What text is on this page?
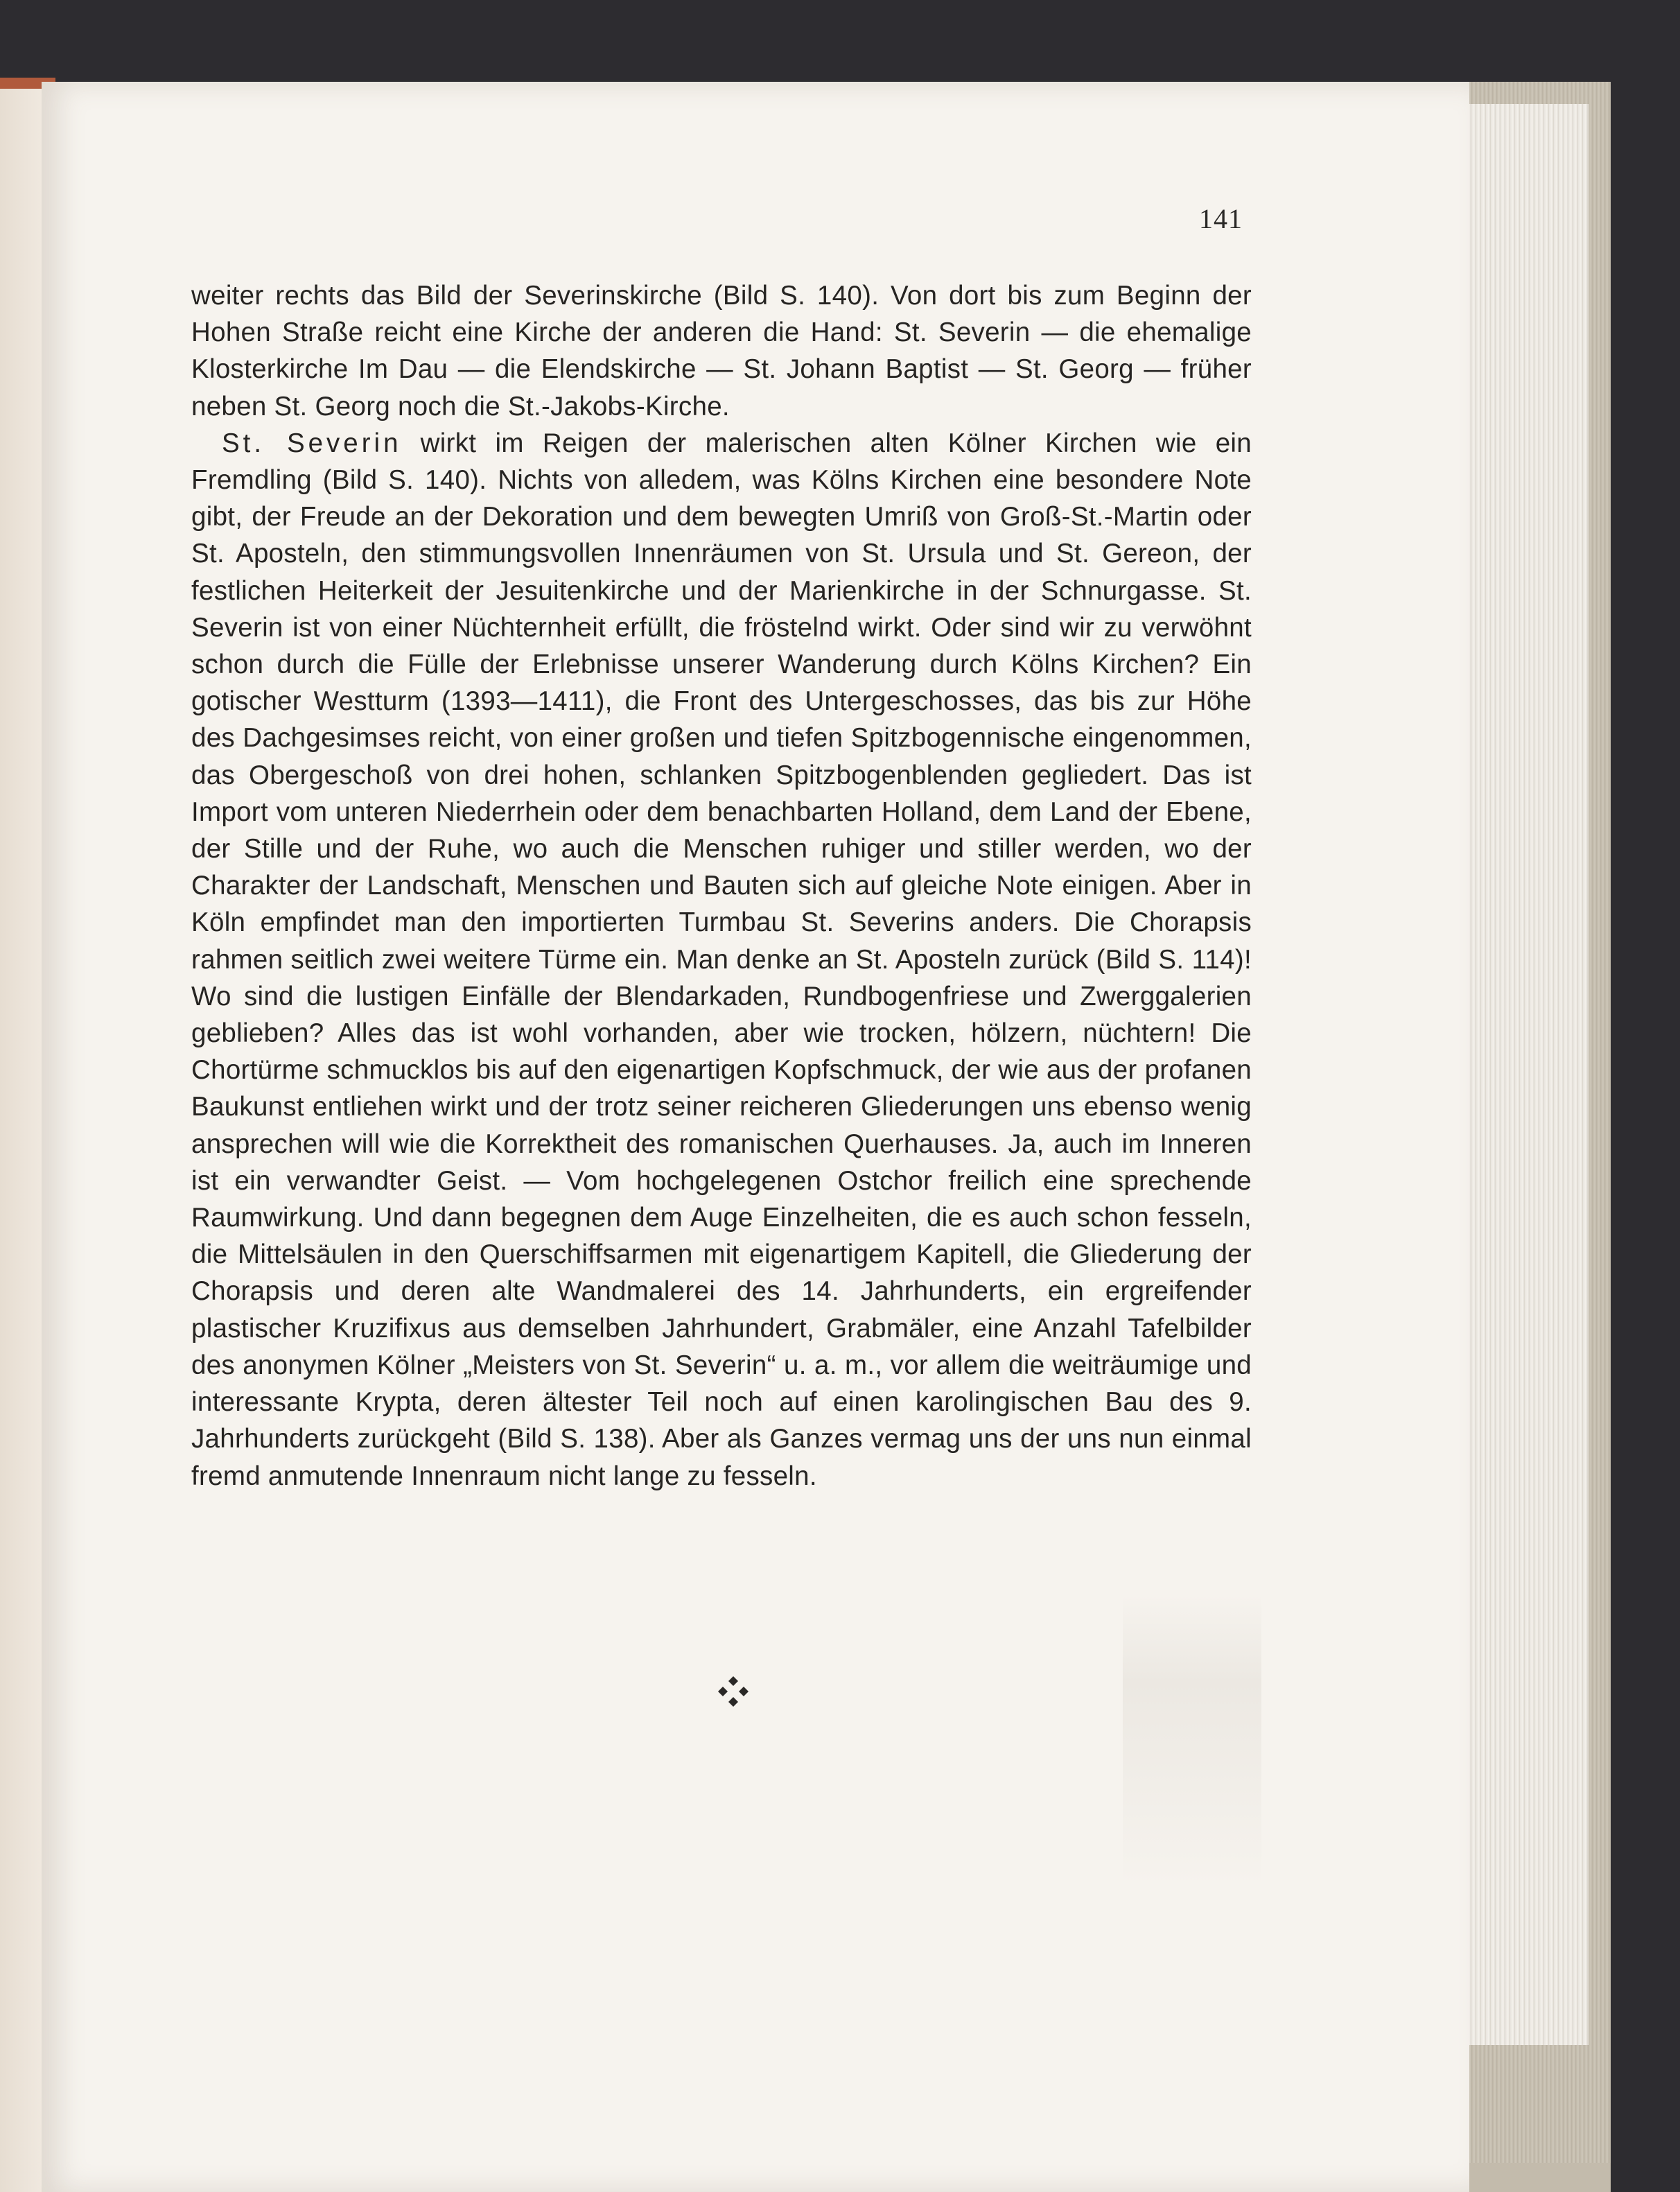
141

weiter rechts das Bild der Severinskirche (Bild S. 140). Von dort bis zum Beginn der Hohen Straße reicht eine Kirche der anderen die Hand: St. Severin — die ehemalige Klosterkirche Im Dau — die Elendskirche — St. Johann Baptist — St. Georg — früher neben St. Georg noch die St.-Jakobs-Kirche.

St. Severin wirkt im Reigen der malerischen alten Kölner Kirchen wie ein Fremdling (Bild S. 140). Nichts von alledem, was Kölns Kirchen eine besondere Note gibt, der Freude an der Dekoration und dem bewegten Umriß von Groß-St.-Martin oder St. Aposteln, den stimmungsvollen Innenräumen von St. Ursula und St. Gereon, der festlichen Heiterkeit der Jesuitenkirche und der Marienkirche in der Schnurgasse. St. Severin ist von einer Nüchternheit erfüllt, die fröstelnd wirkt. Oder sind wir zu verwöhnt schon durch die Fülle der Erlebnisse unserer Wanderung durch Kölns Kirchen? Ein gotischer Westturm (1393—1411), die Front des Untergeschosses, das bis zur Höhe des Dachgesimses reicht, von einer großen und tiefen Spitzbogennische eingenommen, das Obergeschoß von drei hohen, schlanken Spitzbogenblenden gegliedert. Das ist Import vom unteren Niederrhein oder dem benachbarten Holland, dem Land der Ebene, der Stille und der Ruhe, wo auch die Menschen ruhiger und stiller werden, wo der Charakter der Landschaft, Menschen und Bauten sich auf gleiche Note einigen. Aber in Köln empfindet man den importierten Turmbau St. Severins anders. Die Chorapsis rahmen seitlich zwei weitere Türme ein. Man denke an St. Aposteln zurück (Bild S. 114)! Wo sind die lustigen Einfälle der Blendarkaden, Rundbogenfriese und Zwerggalerien geblieben? Alles das ist wohl vorhanden, aber wie trocken, hölzern, nüchtern! Die Chortürme schmucklos bis auf den eigenartigen Kopfschmuck, der wie aus der profanen Baukunst entliehen wirkt und der trotz seiner reicheren Gliederungen uns ebenso wenig ansprechen will wie die Korrektheit des romanischen Querhauses. Ja, auch im Inneren ist ein verwandter Geist. — Vom hochgelegenen Ostchor freilich eine sprechende Raumwirkung. Und dann begegnen dem Auge Einzelheiten, die es auch schon fesseln, die Mittelsäulen in den Querschiffsarmen mit eigenartigem Kapitell, die Gliederung der Chorapsis und deren alte Wandmalerei des 14. Jahrhunderts, ein ergreifender plastischer Kruzifixus aus demselben Jahrhundert, Grabmäler, eine Anzahl Tafelbilder des anonymen Kölner „Meisters von St. Severin“ u. a. m., vor allem die weiträumige und interessante Krypta, deren ältester Teil noch auf einen karolingischen Bau des 9. Jahrhunderts zurückgeht (Bild S. 138). Aber als Ganzes vermag uns der uns nun einmal fremd anmutende Innenraum nicht lange zu fesseln.
